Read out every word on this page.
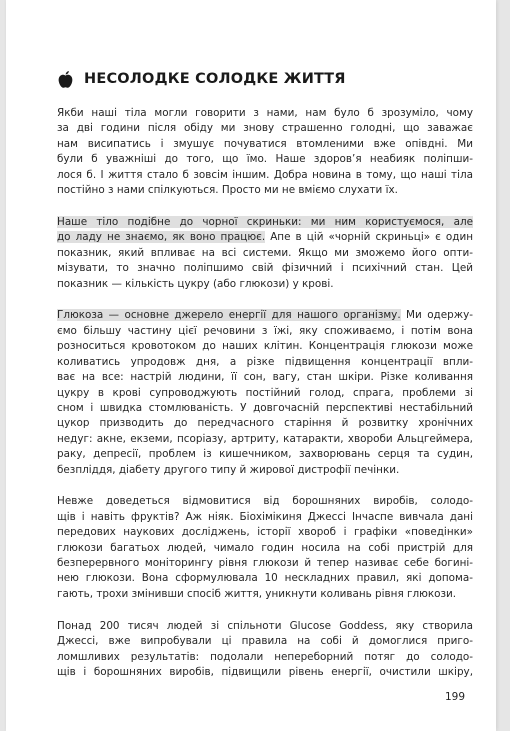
НЕСОЛОДКЕ СОЛОДКЕ ЖИТТЯ

Якби наші тіла могли говорити з нами, нам було б зрозуміло, чому
за дві години після обіду ми знову страшенно голодні, що заважає
нам висипатись і змушує почуватися втомленими вже опівдні. Ми
були б уважніші до того, що їмо. Наше здоров’я неабияк поліпши-
лося б. І життя стало б зовсім іншим. Добра новина в тому, що наші тіла
постійно з нами спілкуються. Просто ми не вміємо слухати їх.

Наше тіло подібне до чорної скриньки: ми ним користуємося, але
до ладу не знаємо, як воно працює. Апе в цій «чорній скриньці» є один
показник, який впливає на всі системи. Якщо ми зможемо його опти-
мізувати, то значно поліпшимо свій фізичний і психічний стан. Цей
показник — кількість цукру (або глюкози) у крові.

Глюкоза — основне джерело енергії для нашого організму. Ми одержу-
ємо більшу частину цієї речовини з їжі, яку споживаємо, і потім вона
розноситься кровотоком до наших клітин. Концентрація глюкози може
коливатись упродовж дня, а різке підвищення концентрації впли-
ває на все: настрій людини, її сон, вагу, стан шкіри. Різке коливання
цукру в крові супроводжують постійний голод, спрага, проблеми зі
сном і швидка стомлюваність. У довгочасній перспективі нестабільний
цукор призводить до передчасного старіння й розвитку хронічних
недуг: акне, екземи, псоріазу, артриту, катаракти, хвороби Альцгеймера,
раку, депресії, проблем із кишечником, захворювань серця та судин,
безпліддя, діабету другого типу й жирової дистрофії печінки.

Невже доведеться відмовитися від борошняних виробів, солодо-
щів і навіть фруктів? Аж ніяк. Біохімікиня Джессі Інчаспе вивчала дані
передових наукових досліджень, історії хвороб і графіки «поведінки»
глюкози багатьох людей, чимало годин носила на собі пристрій для
безперервного моніторингу рівня глюкози й тепер називає себе богині-
нею глюкози. Вона сформулювала 10 нескладних правил, які допома-
гають, трохи змінивши спосіб життя, уникнути коливань рівня глюкози.

Понад 200 тисяч людей зі спільноти Glucose Goddess, яку створила
Джессі, вже випробували ці правила на собі й домоглися приго-
ломшливих результатів: подолали непереборний потяг до солодо-
щів і борошняних виробів, підвищили рівень енергії, очистили шкіру,

199
